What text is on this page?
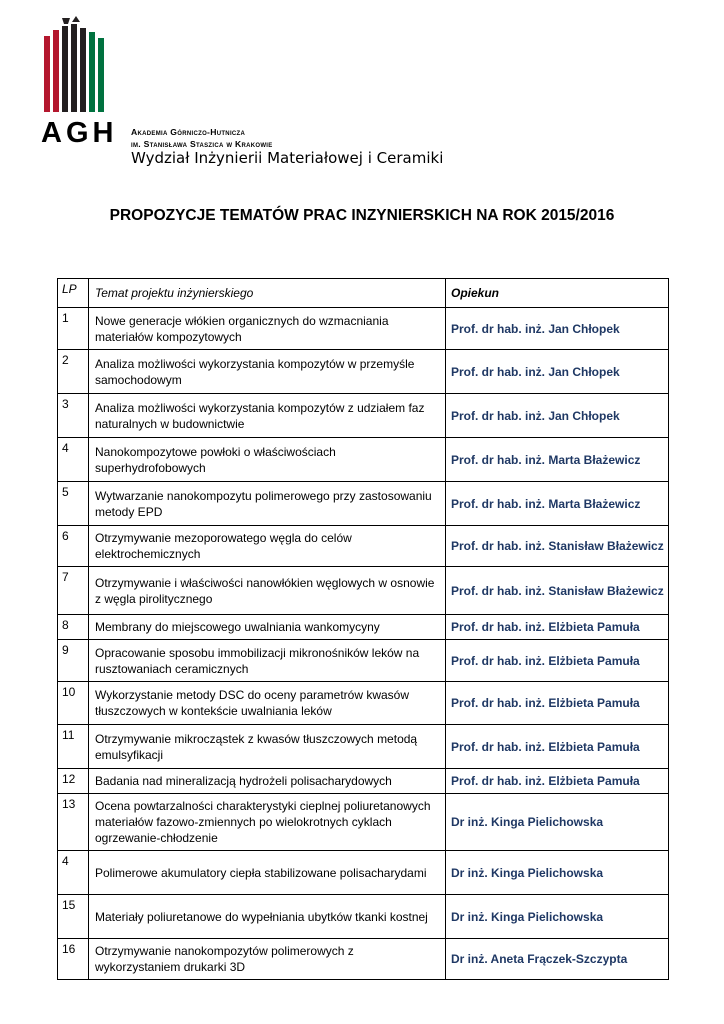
AGH Akademia Górniczo-Hutnicza
im. Stanisława Staszica w Krakowie
Wydział Inżynierii Materiałowej i Ceramiki
PROPOZYCJE TEMATÓW PRAC INZYNIERSKICH NA ROK 2015/2016
LP	Temat projektu inżynierskiego	Opiekun
1	Nowe generacje włókien organicznych do wzmacniania materiałów kompozytowych	Prof. dr hab. inż. Jan Chłopek
2	Analiza możliwości wykorzystania kompozytów w przemyśle samochodowym	Prof. dr hab. inż. Jan Chłopek
3	Analiza możliwości wykorzystania kompozytów z udziałem faz naturalnych w budownictwie	Prof. dr hab. inż. Jan Chłopek
4	Nanokompozytowe powłoki o właściwościach superhydrofobowych	Prof. dr hab. inż. Marta Błażewicz
5	Wytwarzanie nanokompozytu polimerowego przy zastosowaniu metody EPD	Prof. dr hab. inż. Marta Błażewicz
6	Otrzymywanie mezoporowatego węgla do celów elektrochemicznych	Prof. dr hab. inż. Stanisław Błażewicz
7	Otrzymywanie i właściwości nanowłókien węglowych w osnowie z węgla pirolitycznego	Prof. dr hab. inż. Stanisław Błażewicz
8	Membrany do miejscowego uwalniania wankomycyny	Prof. dr hab. inż. Elżbieta Pamuła
9	Opracowanie sposobu immobilizacji mikronośników leków na rusztowaniach ceramicznych	Prof. dr hab. inż. Elżbieta Pamuła
10	Wykorzystanie metody DSC do oceny parametrów kwasów tłuszczowych w kontekście uwalniania leków	Prof. dr hab. inż. Elżbieta Pamuła
11	Otrzymywanie mikrocząstek z kwasów tłuszczowych metodą emulsyfikacji	Prof. dr hab. inż. Elżbieta Pamuła
12	Badania nad mineralizacją hydrożeli polisacharydowych	Prof. dr hab. inż. Elżbieta Pamuła
13	Ocena powtarzalności charakterystyki cieplnej poliuretanowych materiałów fazowo-zmiennych po wielokrotnych cyklach ogrzewanie-chłodzenie	Dr inż. Kinga Pielichowska
4	Polimerowe akumulatory ciepła stabilizowane polisacharydami	Dr inż. Kinga Pielichowska
15	Materiały poliuretanowe do wypełniania ubytków tkanki kostnej	Dr inż. Kinga Pielichowska
16	Otrzymywanie nanokompozytów polimerowych z wykorzystaniem drukarki 3D	Dr inż. Aneta Frączek-Szczypta
